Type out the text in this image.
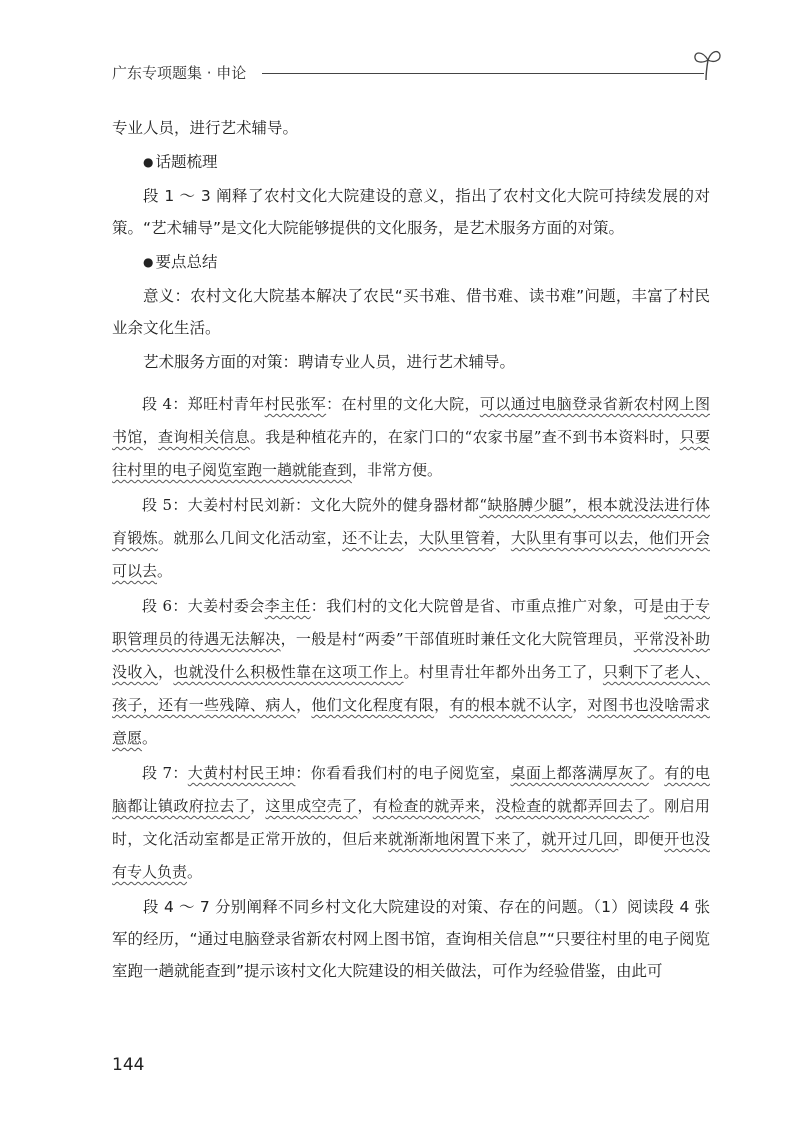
广东专项题集 · 申论

专业人员，进行艺术辅导。

● 话题梳理

段 1 ～ 3 阐释了农村文化大院建设的意义，指出了农村文化大院可持续发展的对策。“艺术辅导”是文化大院能够提供的文化服务，是艺术服务方面的对策。

● 要点总结

意义：农村文化大院基本解决了农民“买书难、借书难、读书难”问题，丰富了村民业余文化生活。

艺术服务方面的对策：聘请专业人员，进行艺术辅导。

段 4：郑旺村青年村民张军：在村里的文化大院，可以通过电脑登录省新农村网上图书馆，查询相关信息。我是种植花卉的，在家门口的“农家书屋”查不到书本资料时，只要往村里的电子阅览室跑一趟就能查到，非常方便。

段 5：大姜村村民刘新：文化大院外的健身器材都“缺胳膊少腿”，根本就没法进行体育锻炼。就那么几间文化活动室，还不让去，大队里管着，大队里有事可以去，他们开会可以去。

段 6：大姜村委会李主任：我们村的文化大院曾是省、市重点推广对象，可是由于专职管理员的待遇无法解决，一般是村“两委”干部值班时兼任文化大院管理员，平常没补助没收入，也就没什么积极性靠在这项工作上。村里青壮年都外出务工了，只剩下了老人、孩子，还有一些残障、病人，他们文化程度有限，有的根本就不认字，对图书也没啥需求意愿。

段 7：大黄村村民王坤：你看看我们村的电子阅览室，桌面上都落满厚灰了。有的电脑都让镇政府拉去了，这里成空壳了，有检查的就弄来，没检查的就都弄回去了。刚启用时，文化活动室都是正常开放的，但后来就渐渐地闲置下来了，就开过几回，即便开也没有专人负责。

段 4 ～ 7 分别阐释不同乡村文化大院建设的对策、存在的问题。（1）阅读段 4 张军的经历，“通过电脑登录省新农村网上图书馆，查询相关信息”“只要往村里的电子阅览室跑一趟就能查到”提示该村文化大院建设的相关做法，可作为经验借鉴，由此可

144
